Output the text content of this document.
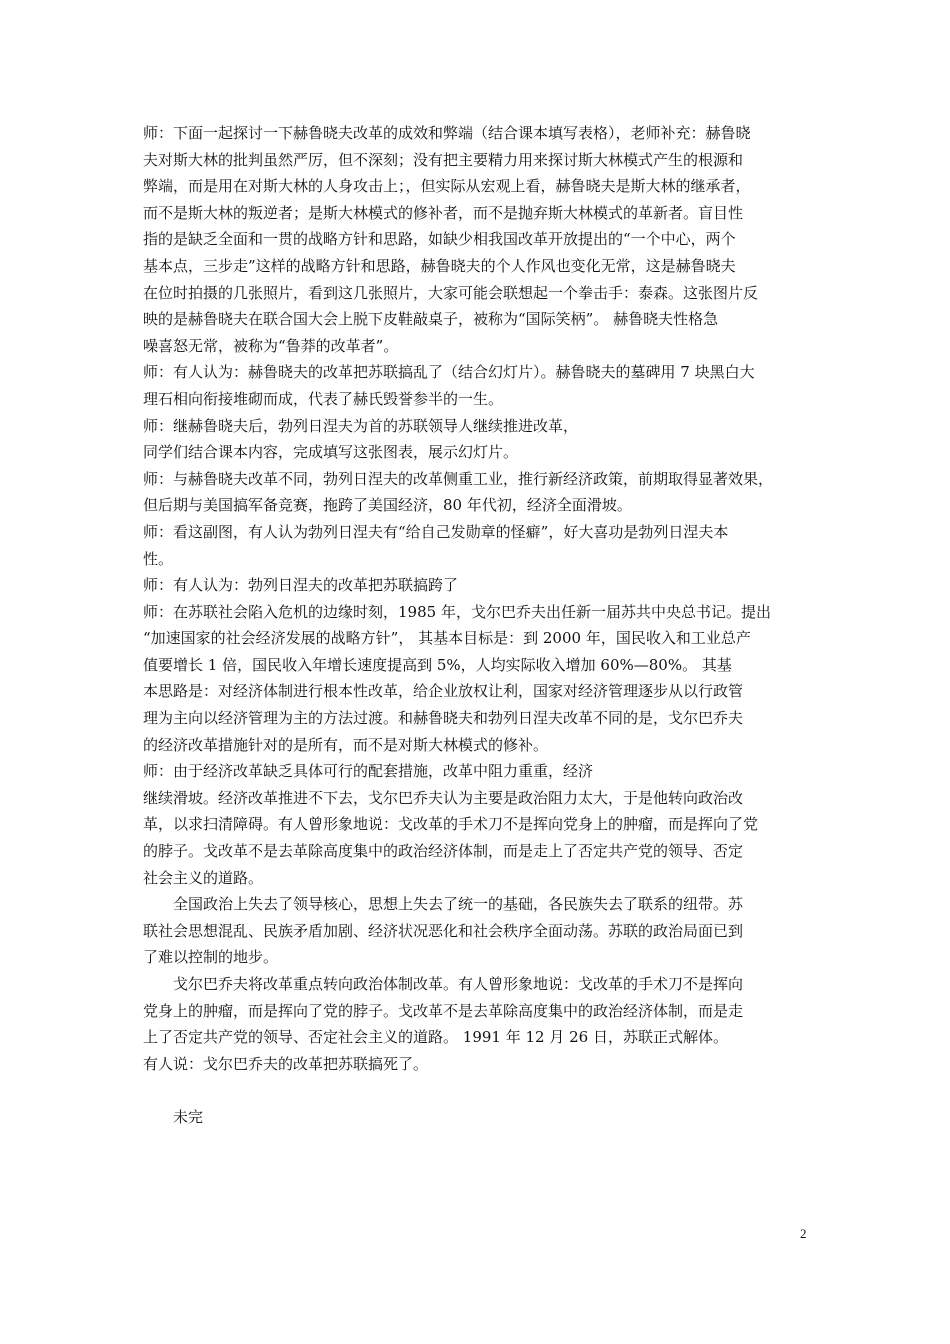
师：下面一起探讨一下赫鲁晓夫改革的成效和弊端（结合课本填写表格），老师补充：赫鲁晓
夫对斯大林的批判虽然严厉，但不深刻；没有把主要精力用来探讨斯大林模式产生的根源和
弊端，而是用在对斯大林的人身攻击上；，但实际从宏观上看，赫鲁晓夫是斯大林的继承者，
而不是斯大林的叛逆者；是斯大林模式的修补者，而不是抛弃斯大林模式的革新者。盲目性
指的是缺乏全面和一贯的战略方针和思路，如缺少相我国改革开放提出的“一个中心，两个
基本点，三步走”这样的战略方针和思路，赫鲁晓夫的个人作风也变化无常，这是赫鲁晓夫
在位时拍摄的几张照片，看到这几张照片，大家可能会联想起一个拳击手：泰森。这张图片反
映的是赫鲁晓夫在联合国大会上脱下皮鞋敲桌子，被称为“国际笑柄”。 赫鲁晓夫性格急
噪喜怒无常，被称为“鲁莽的改革者”。
师：有人认为：赫鲁晓夫的改革把苏联搞乱了（结合幻灯片）。赫鲁晓夫的墓碑用 7 块黑白大
理石相向衔接堆砌而成，代表了赫氏毁誉参半的一生。
师：继赫鲁晓夫后，勃列日涅夫为首的苏联领导人继续推进改革，
同学们结合课本内容，完成填写这张图表，展示幻灯片。
师：与赫鲁晓夫改革不同，勃列日涅夫的改革侧重工业，推行新经济政策，前期取得显著效果，
但后期与美国搞军备竞赛，拖跨了美国经济，80 年代初，经济全面滑坡。
师：看这副图，有人认为勃列日涅夫有“给自己发勋章的怪癖”，好大喜功是勃列日涅夫本
性。
师：有人认为：勃列日涅夫的改革把苏联搞跨了
师：在苏联社会陷入危机的边缘时刻，1985 年，戈尔巴乔夫出任新一届苏共中央总书记。提出
“加速国家的社会经济发展的战略方针”， 其基本目标是：到 2000 年，国民收入和工业总产
值要增长 1 倍，国民收入年增长速度提高到 5%，人均实际收入增加 60%—80%。 其基
本思路是：对经济体制进行根本性改革，给企业放权让利，国家对经济管理逐步从以行政管
理为主向以经济管理为主的方法过渡。和赫鲁晓夫和勃列日涅夫改革不同的是，戈尔巴乔夫
的经济改革措施针对的是所有，而不是对斯大林模式的修补。
师：由于经济改革缺乏具体可行的配套措施，改革中阻力重重，经济
继续滑坡。经济改革推进不下去，戈尔巴乔夫认为主要是政治阻力太大，于是他转向政治改
革，以求扫清障碍。有人曾形象地说：戈改革的手术刀不是挥向党身上的肿瘤，而是挥向了党
的脖子。戈改革不是去革除高度集中的政治经济体制，而是走上了否定共产党的领导、否定
社会主义的道路。
全国政治上失去了领导核心，思想上失去了统一的基础，各民族失去了联系的纽带。苏
联社会思想混乱、民族矛盾加剧、经济状况恶化和社会秩序全面动荡。苏联的政治局面已到
了难以控制的地步。
戈尔巴乔夫将改革重点转向政治体制改革。有人曾形象地说：戈改革的手术刀不是挥向
党身上的肿瘤，而是挥向了党的脖子。戈改革不是去革除高度集中的政治经济体制，而是走
上了否定共产党的领导、否定社会主义的道路。 1991 年 12 月 26 日，苏联正式解体。
有人说：戈尔巴乔夫的改革把苏联搞死了。
未完
2
